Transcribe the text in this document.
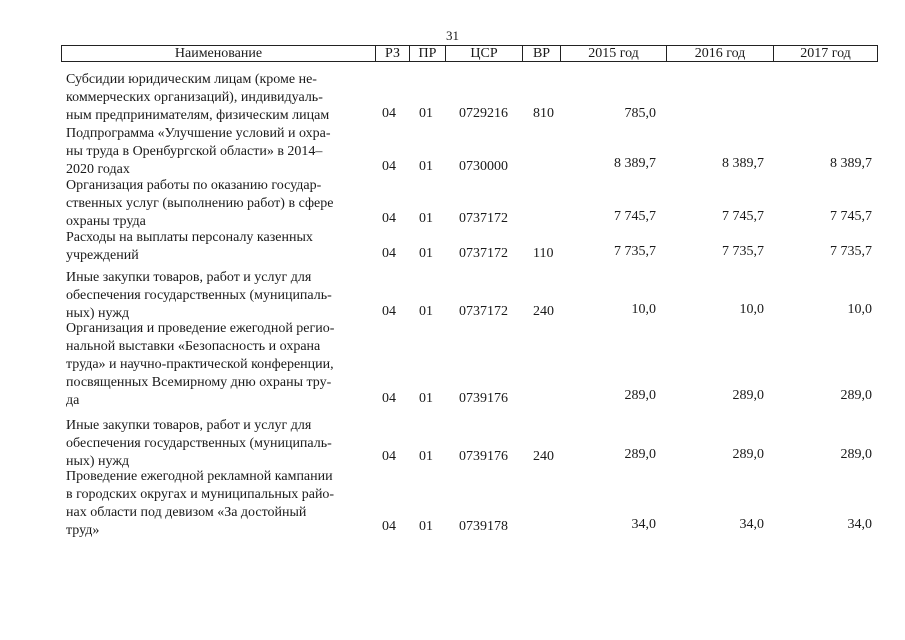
31
Наименование	РЗ	ПР	ЦСР	ВР	2015 год	2016 год	2017 год
Субсидии юридическим лицам (кроме не-
коммерческих организаций), индивидуаль-
ным предпринимателям, физическим лицам	04 01 0729216 810	785,0
Подпрограмма «Улучшение условий и охра-
ны труда в Оренбургской области» в 2014–
2020 годах	04 01 0730000	8 389,7	8 389,7	8 389,7
Организация работы по оказанию государ-
ственных услуг (выполнению работ) в сфере
охраны труда	04 01 0737172	7 745,7	7 745,7	7 745,7
Расходы на выплаты персоналу казенных
учреждений	04 01 0737172 110	7 735,7	7 735,7	7 735,7
Иные закупки товаров, работ и услуг для
обеспечения государственных (муниципаль-
ных) нужд	04 01 0737172 240	10,0	10,0	10,0
Организация и проведение ежегодной регио-
нальной выставки «Безопасность и охрана
труда» и научно-практической конференции,
посвященных Всемирному дню охраны тру-
да	04 01 0739176	289,0	289,0	289,0
Иные закупки товаров, работ и услуг для
обеспечения государственных (муниципаль-
ных) нужд	04 01 0739176 240	289,0	289,0	289,0
Проведение ежегодной рекламной кампании
в городских округах и муниципальных райо-
нах области под девизом «За достойный
труд»	04 01 0739178	34,0	34,0	34,0
